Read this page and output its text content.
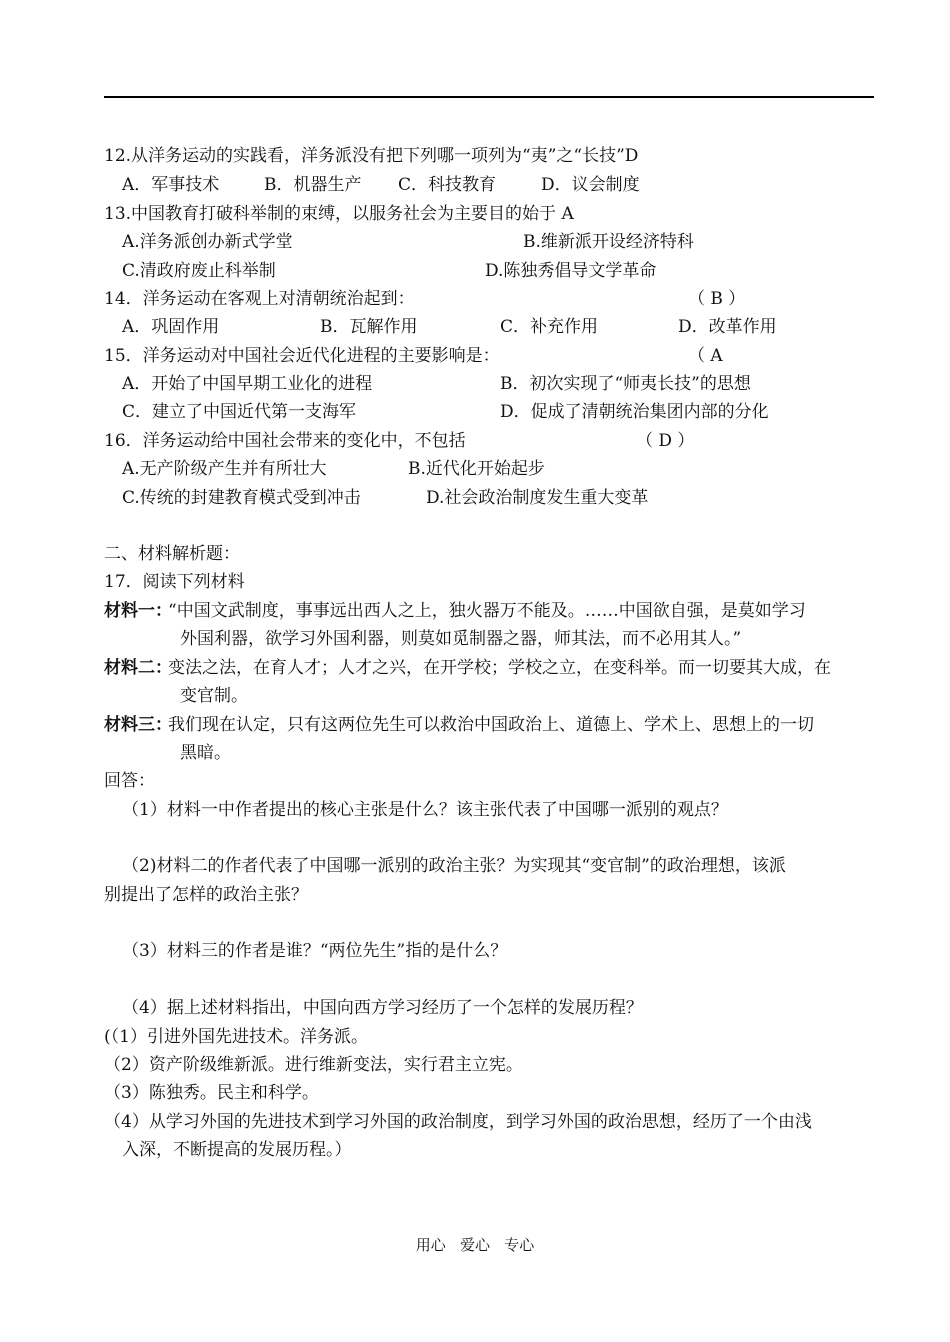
12.从洋务运动的实践看，洋务派没有把下列哪一项列为“夷”之“长技”D
A．军事技术	B．机器生产 C．科技教育	D．议会制度
13.中国教育打破科举制的束缚，以服务社会为主要目的始于 A
A.洋务派创办新式学堂	B.维新派开设经济特科
C.清政府废止科举制	D.陈独秀倡导文学革命
14．洋务运动在客观上对清朝统治起到：	（ B ）
A．巩固作用	B．瓦解作用	C．补充作用	D．改革作用
15．洋务运动对中国社会近代化进程的主要影响是：	（ A
A．开始了中国早期工业化的进程	B．初次实现了“师夷长技”的思想
C．建立了中国近代第一支海军	D．促成了清朝统治集团内部的分化
16．洋务运动给中国社会带来的变化中，不包括	（ D ）
A.无产阶级产生并有所壮大	B.近代化开始起步
C.传统的封建教育模式受到冲击	D.社会政治制度发生重大变革
二、材料解析题：
17．阅读下列材料
材料一：
“中国文武制度，事事远出西人之上，独火器万不能及。……中国欲自强，是莫如学习
外国利器，欲学习外国利器，则莫如觅制器之器，师其法，而不必用其人。”
材料二：
变法之法，在育人才；人才之兴，在开学校；学校之立，在变科举。而一切要其大成，在
变官制。
材料三：
我们现在认定，只有这两位先生可以救治中国政治上、道德上、学术上、思想上的一切
黑暗。
回答：
（1）材料一中作者提出的核心主张是什么？该主张代表了中国哪一派别的观点？
（2)材料二的作者代表了中国哪一派别的政治主张？为实现其“变官制”的政治理想，该派
别提出了怎样的政治主张？
（3）材料三的作者是谁？“两位先生”指的是什么？
（4）据上述材料指出，中国向西方学习经历了一个怎样的发展历程？
(（1）引进外国先进技术。洋务派。
（2）资产阶级维新派。进行维新变法，实行君主立宪。
（3）陈独秀。民主和科学。
（4）从学习外国的先进技术到学习外国的政治制度，到学习外国的政治思想，经历了一个由浅
入深，不断提高的发展历程。）
用心   爱心   专心
